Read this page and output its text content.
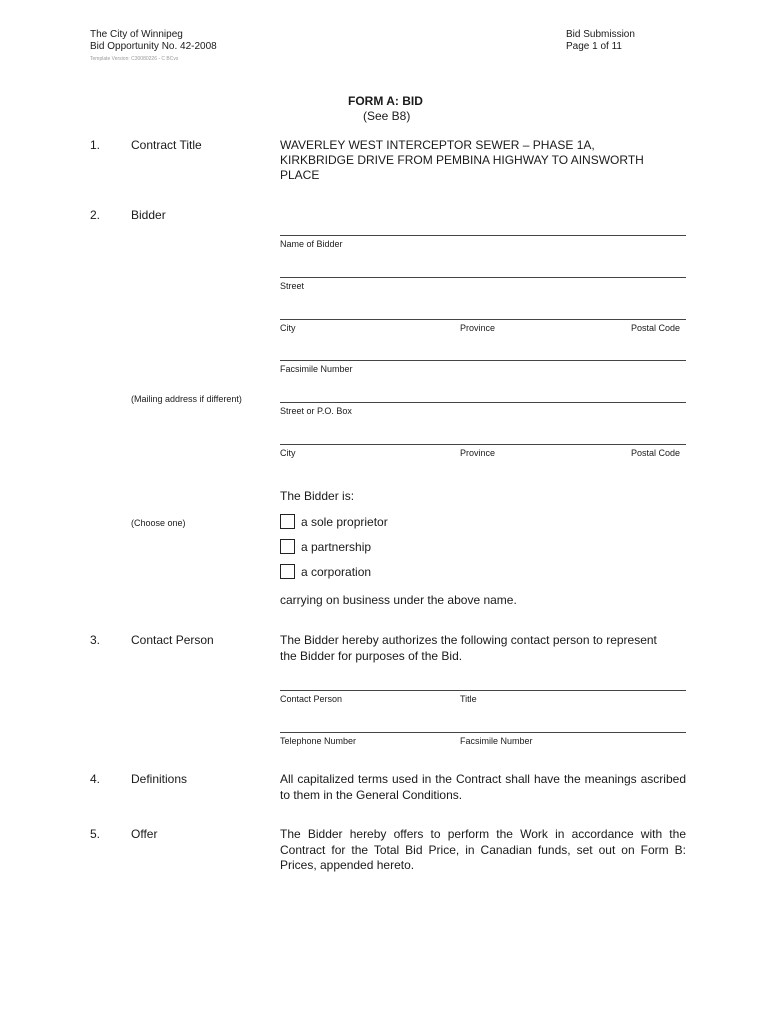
The City of Winnipeg
Bid Opportunity No. 42-2008
Template Version: C30080226 - C BCvs
Bid Submission
Page 1 of 11
FORM A: BID
(See B8)
1.	Contract Title	WAVERLEY WEST INTERCEPTOR SEWER – PHASE 1A,
KIRKBRIDGE DRIVE FROM PEMBINA HIGHWAY TO AINSWORTH
PLACE
2.	Bidder
Name of Bidder
Street
City	Province	Postal Code
Facsimile Number
(Mailing address if different)
Street or P.O. Box
City	Province	Postal Code
The Bidder is:
(Choose one)	a sole proprietor
a partnership
a corporation
carrying on business under the above name.
3.	Contact Person	The Bidder hereby authorizes the following contact person to represent
the Bidder for purposes of the Bid.
Contact Person	Title
Telephone Number	Facsimile Number
4.	Definitions	All capitalized terms used in the Contract shall have the meanings ascribed to them in the General Conditions.
5.	Offer	The Bidder hereby offers to perform the Work in accordance with the Contract for the Total Bid Price, in Canadian funds, set out on Form B: Prices, appended hereto.
